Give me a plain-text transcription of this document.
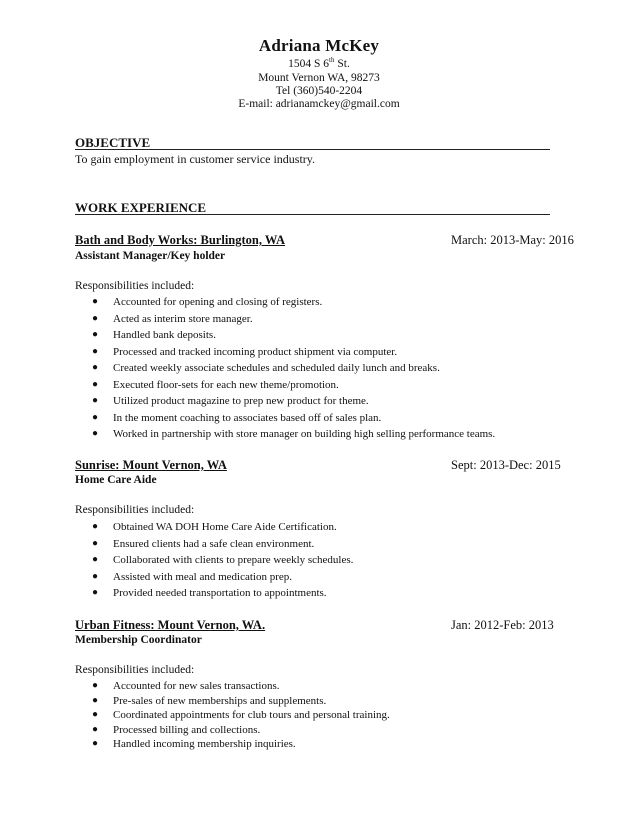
Adriana McKey
1504 S 6th St.
Mount Vernon WA, 98273
Tel (360)540-2204
E-mail: adrianamckey@gmail.com
OBJECTIVE
To gain employment in customer service industry.
WORK EXPERIENCE
Bath and Body Works: Burlington, WA	March: 2013-May: 2016
Assistant Manager/Key holder
Responsibilities included:
● Accounted for opening and closing of registers.
● Acted as interim store manager.
● Handled bank deposits.
● Processed and tracked incoming product shipment via computer.
● Created weekly associate schedules and scheduled daily lunch and breaks.
● Executed floor-sets for each new theme/promotion.
● Utilized product magazine to prep new product for theme.
● In the moment coaching to associates based off of sales plan.
● Worked in partnership with store manager on building high selling performance teams.
Sunrise: Mount Vernon, WA	Sept: 2013-Dec: 2015
Home Care Aide
Responsibilities included:
● Obtained WA DOH Home Care Aide Certification.
● Ensured clients had a safe clean environment.
● Collaborated with clients to prepare weekly schedules.
● Assisted with meal and medication prep.
● Provided needed transportation to appointments.
Urban Fitness: Mount Vernon, WA.	Jan: 2012-Feb: 2013
Membership Coordinator
Responsibilities included:
● Accounted for new sales transactions.
● Pre-sales of new memberships and supplements.
● Coordinated appointments for club tours and personal training.
● Processed billing and collections.
● Handled incoming membership inquiries.
